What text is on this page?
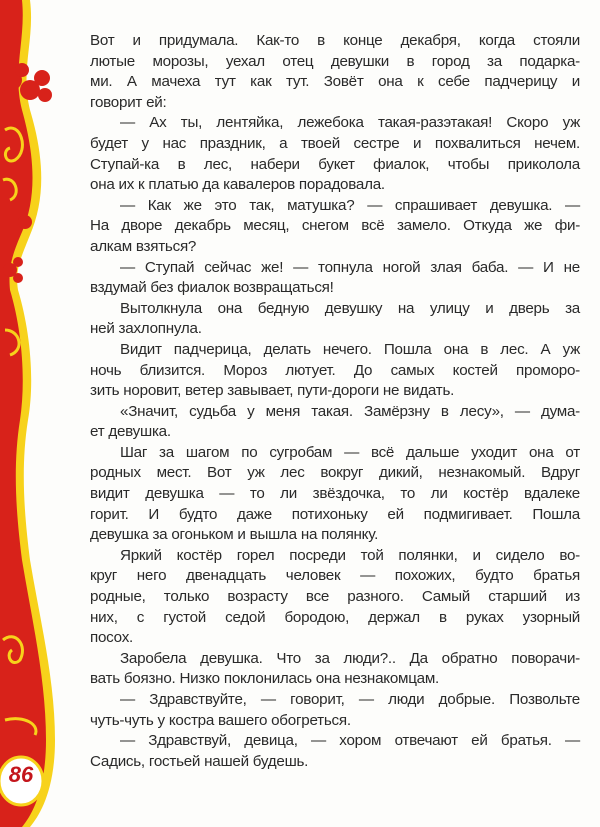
86
Вот и придумала. Как-то в конце декабря, когда стояли
лютые морозы, уехал отец девушки в город за подарка-
ми. А мачеха тут как тут. Зовёт она к себе падчерицу и
говорит ей:
— Ах ты, лентяйка, лежебока такая-разэтакая! Скоро уж
будет у нас праздник, а твоей сестре и похвалиться нечем.
Ступай-ка в лес, набери букет фиалок, чтобы приколола
она их к платью да кавалеров порадовала.
— Как же это так, матушка? — спрашивает девушка. —
На дворе декабрь месяц, снегом всё замело. Откуда же фи-
алкам взяться?
— Ступай сейчас же! — топнула ногой злая баба. — И не
вздумай без фиалок возвращаться!
Вытолкнула она бедную девушку на улицу и дверь за
ней захлопнула.
Видит падчерица, делать нечего. Пошла она в лес. А уж
ночь близится. Мороз лютует. До самых костей проморо-
зить норовит, ветер завывает, пути-дороги не видать.
«Значит, судьба у меня такая. Замёрзну в лесу», — дума-
ет девушка.
Шаг за шагом по сугробам — всё дальше уходит она от
родных мест. Вот уж лес вокруг дикий, незнакомый. Вдруг
видит девушка — то ли звёздочка, то ли костёр вдалеке
горит. И будто даже потихоньку ей подмигивает. Пошла
девушка за огоньком и вышла на полянку.
Яркий костёр горел посреди той полянки, и сидело во-
круг него двенадцать человек — похожих, будто братья
родные, только возрасту все разного. Самый старший из
них, с густой седой бородою, держал в руках узорный
посох.
Заробела девушка. Что за люди?.. Да обратно поворачи-
вать боязно. Низко поклонилась она незнакомцам.
— Здравствуйте, — говорит, — люди добрые. Позвольте
чуть-чуть у костра вашего обогреться.
— Здравствуй, девица, — хором отвечают ей братья. —
Садись, гостьей нашей будешь.
